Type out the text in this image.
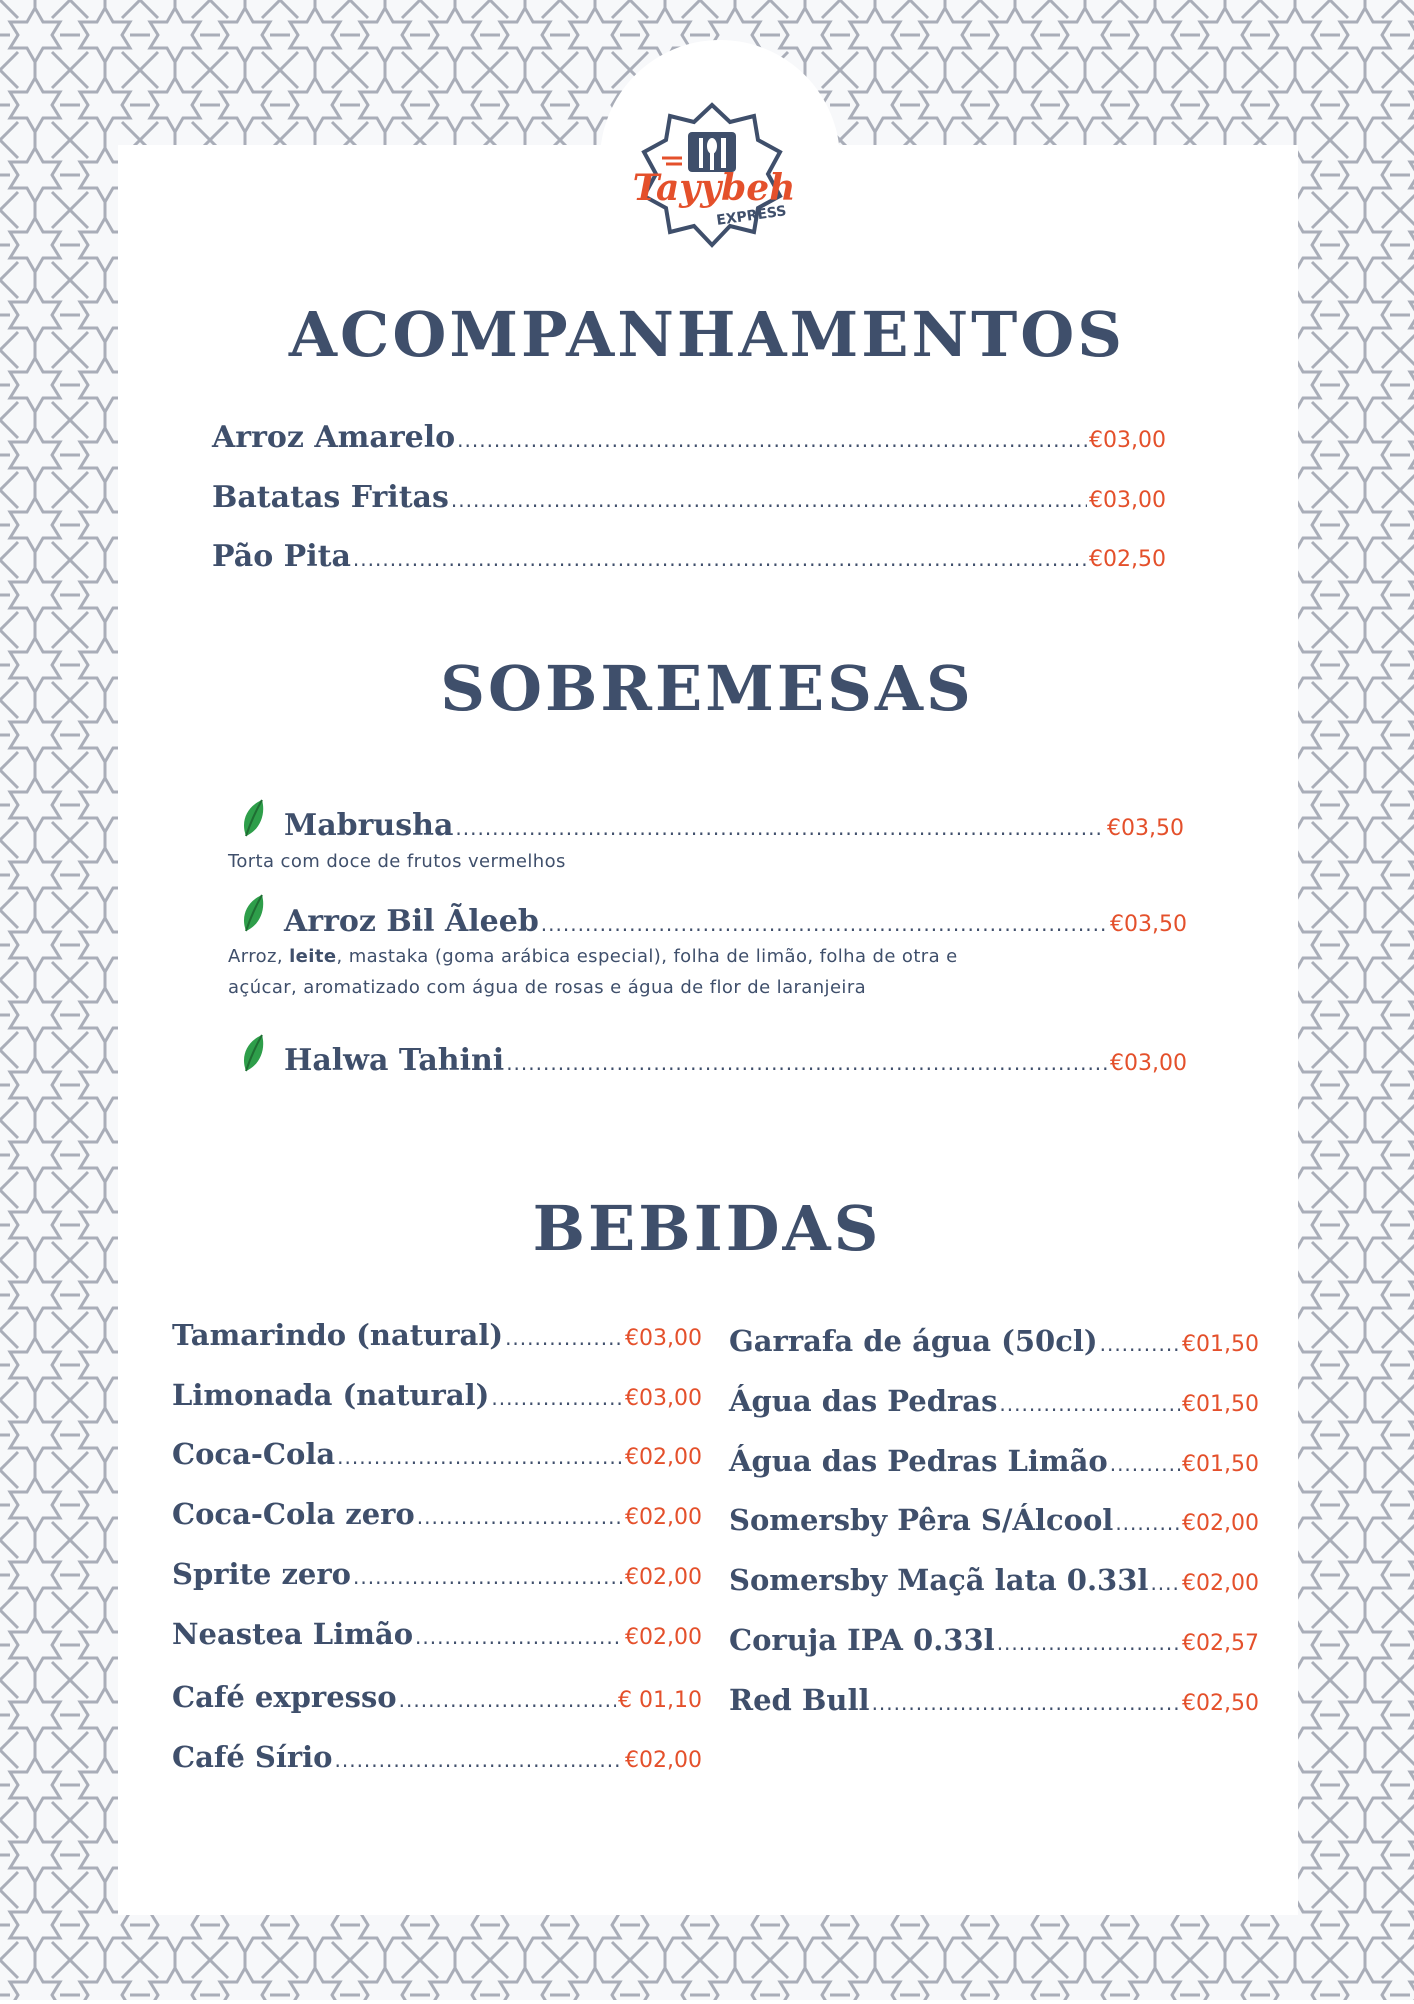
Tayybeh
EXPRESS
ACOMPANHAMENTOS
Arroz Amarelo .....	€03,00
Batatas Fritas .....	€03,00
Pão Pita .....	€02,50
SOBREMESAS
Mabrusha .....	€03,50
Torta com doce de frutos vermelhos
Arroz Bil Ãleeb .....	€03,50
Arroz, leite, mastaka (goma arábica especial), folha de limão, folha de otra e
açúcar, aromatizado com água de rosas e água de flor de laranjeira
Halwa Tahini .....	€03,00
BEBIDAS
Tamarindo (natural) .....	€03,00
Limonada (natural) .....	€03,00
Coca-Cola .....	€02,00
Coca-Cola zero .....	€02,00
Sprite zero .....	€02,00
Neastea Limão .....	€02,00
Café expresso .....	€ 01,10
Café Sírio .....	€02,00
Garrafa de água (50cl) .....	€01,50
Água das Pedras .....	€01,50
Água das Pedras Limão .....	€01,50
Somersby Pêra S/Álcool .....	€02,00
Somersby Maçã lata 0.33l ..... €02,00
Coruja IPA 0.33l .....	€02,57
Red Bull .....	€02,50
